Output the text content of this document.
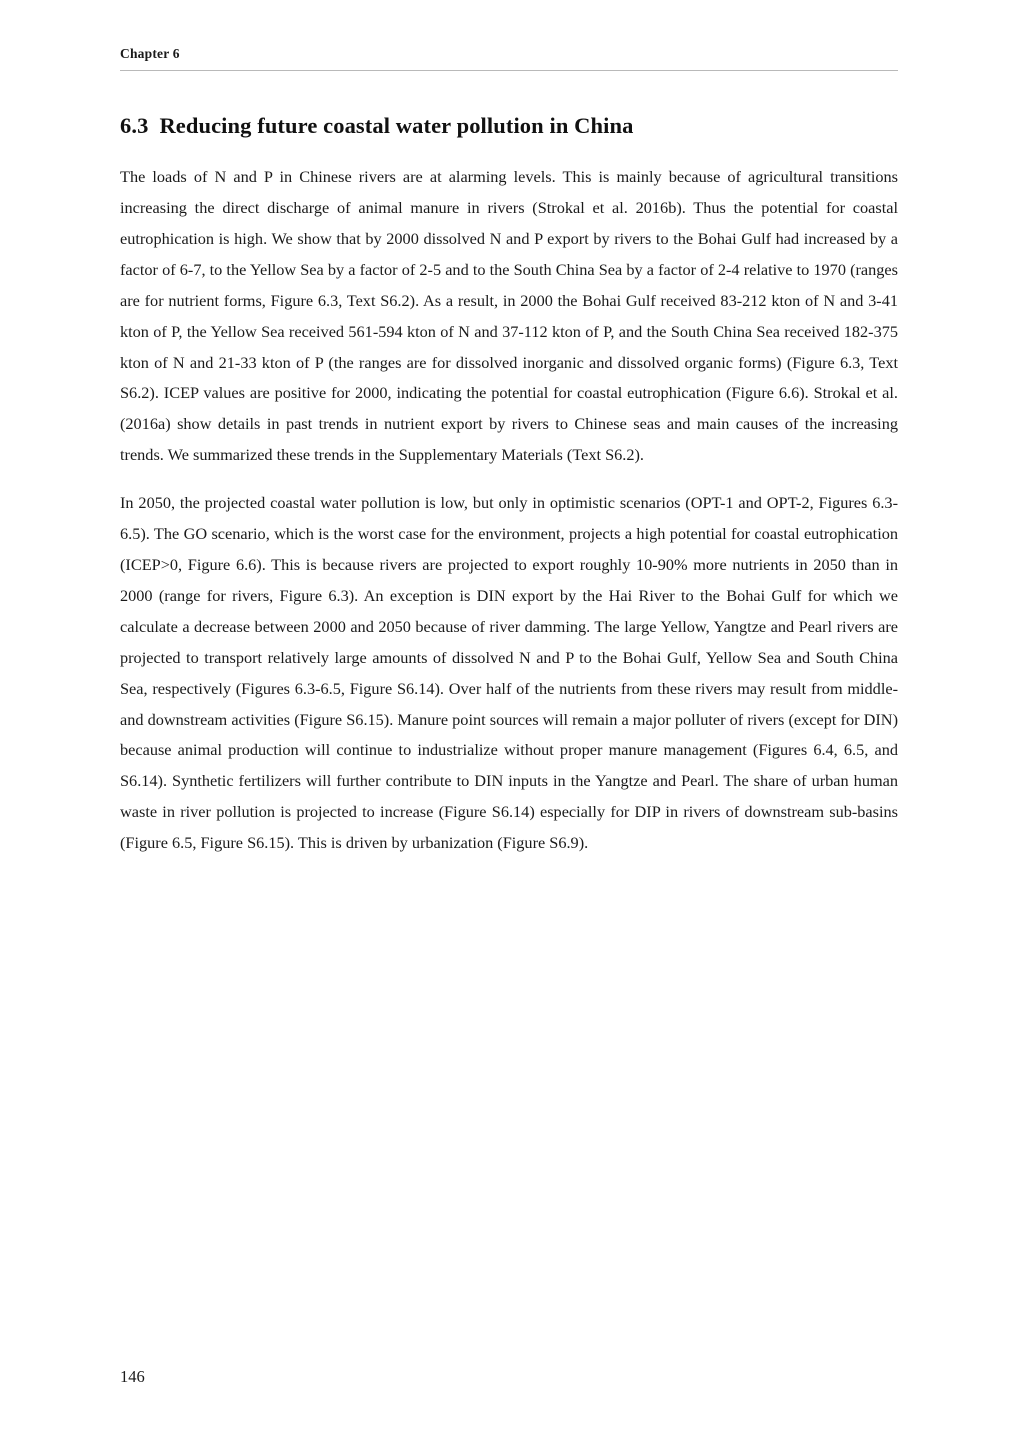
Chapter 6
6.3 Reducing future coastal water pollution in China

The loads of N and P in Chinese rivers are at alarming levels. This is mainly because of agricultural transitions increasing the direct discharge of animal manure in rivers (Strokal et al. 2016b). Thus the potential for coastal eutrophication is high. We show that by 2000 dissolved N and P export by rivers to the Bohai Gulf had increased by a factor of 6-7, to the Yellow Sea by a factor of 2-5 and to the South China Sea by a factor of 2-4 relative to 1970 (ranges are for nutrient forms, Figure 6.3, Text S6.2). As a result, in 2000 the Bohai Gulf received 83-212 kton of N and 3-41 kton of P, the Yellow Sea received 561-594 kton of N and 37-112 kton of P, and the South China Sea received 182-375 kton of N and 21-33 kton of P (the ranges are for dissolved inorganic and dissolved organic forms) (Figure 6.3, Text S6.2). ICEP values are positive for 2000, indicating the potential for coastal eutrophication (Figure 6.6). Strokal et al. (2016a) show details in past trends in nutrient export by rivers to Chinese seas and main causes of the increasing trends. We summarized these trends in the Supplementary Materials (Text S6.2).

In 2050, the projected coastal water pollution is low, but only in optimistic scenarios (OPT-1 and OPT-2, Figures 6.3-6.5). The GO scenario, which is the worst case for the environment, projects a high potential for coastal eutrophication (ICEP>0, Figure 6.6). This is because rivers are projected to export roughly 10-90% more nutrients in 2050 than in 2000 (range for rivers, Figure 6.3). An exception is DIN export by the Hai River to the Bohai Gulf for which we calculate a decrease between 2000 and 2050 because of river damming. The large Yellow, Yangtze and Pearl rivers are projected to transport relatively large amounts of dissolved N and P to the Bohai Gulf, Yellow Sea and South China Sea, respectively (Figures 6.3-6.5, Figure S6.14). Over half of the nutrients from these rivers may result from middle- and downstream activities (Figure S6.15). Manure point sources will remain a major polluter of rivers (except for DIN) because animal production will continue to industrialize without proper manure management (Figures 6.4, 6.5, and S6.14). Synthetic fertilizers will further contribute to DIN inputs in the Yangtze and Pearl. The share of urban human waste in river pollution is projected to increase (Figure S6.14) especially for DIP in rivers of downstream sub-basins (Figure 6.5, Figure S6.15). This is driven by urbanization (Figure S6.9).

146
